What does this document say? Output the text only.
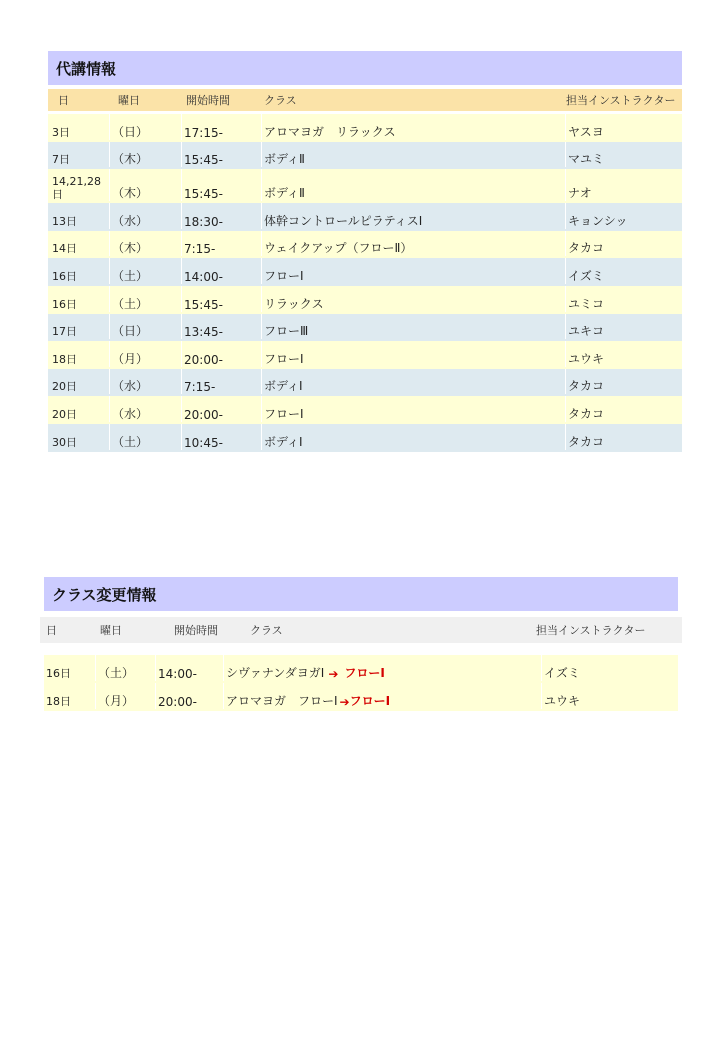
代講情報
日	曜日	開始時間	クラス	担当インストラクター
3日	（日）	17:15-	アロマヨガ　リラックス	ヤスヨ
7日	（木）	15:45-	ボディⅡ	マユミ
14,21,28日	（木）	15:45-	ボディⅡ	ナオ
13日	（水）	18:30-	体幹コントロールピラティスⅠ	キョンシッ
14日	（木）	7:15-	ウェイクアップ（フローⅡ）	タカコ
16日	（土）	14:00-	フローⅠ	イズミ
16日	（土）	15:45-	リラックス	ユミコ
17日	（日）	13:45-	フローⅢ	ユキコ
18日	（月）	20:00-	フローⅠ	ユウキ
20日	（水）	7:15-	ボディⅠ	タカコ
20日	（水）	20:00-	フローⅠ	タカコ
30日	（土）	10:45-	ボディⅠ	タカコ
クラス変更情報
日	曜日	開始時間	クラス	担当インストラクター
16日	（土）	14:00-	シヴァナンダヨガⅠ ➔ フローⅠ	イズミ
18日	（月）	20:00-	アロマヨガ　フローⅠ ➔ フローⅠ	ユウキ
